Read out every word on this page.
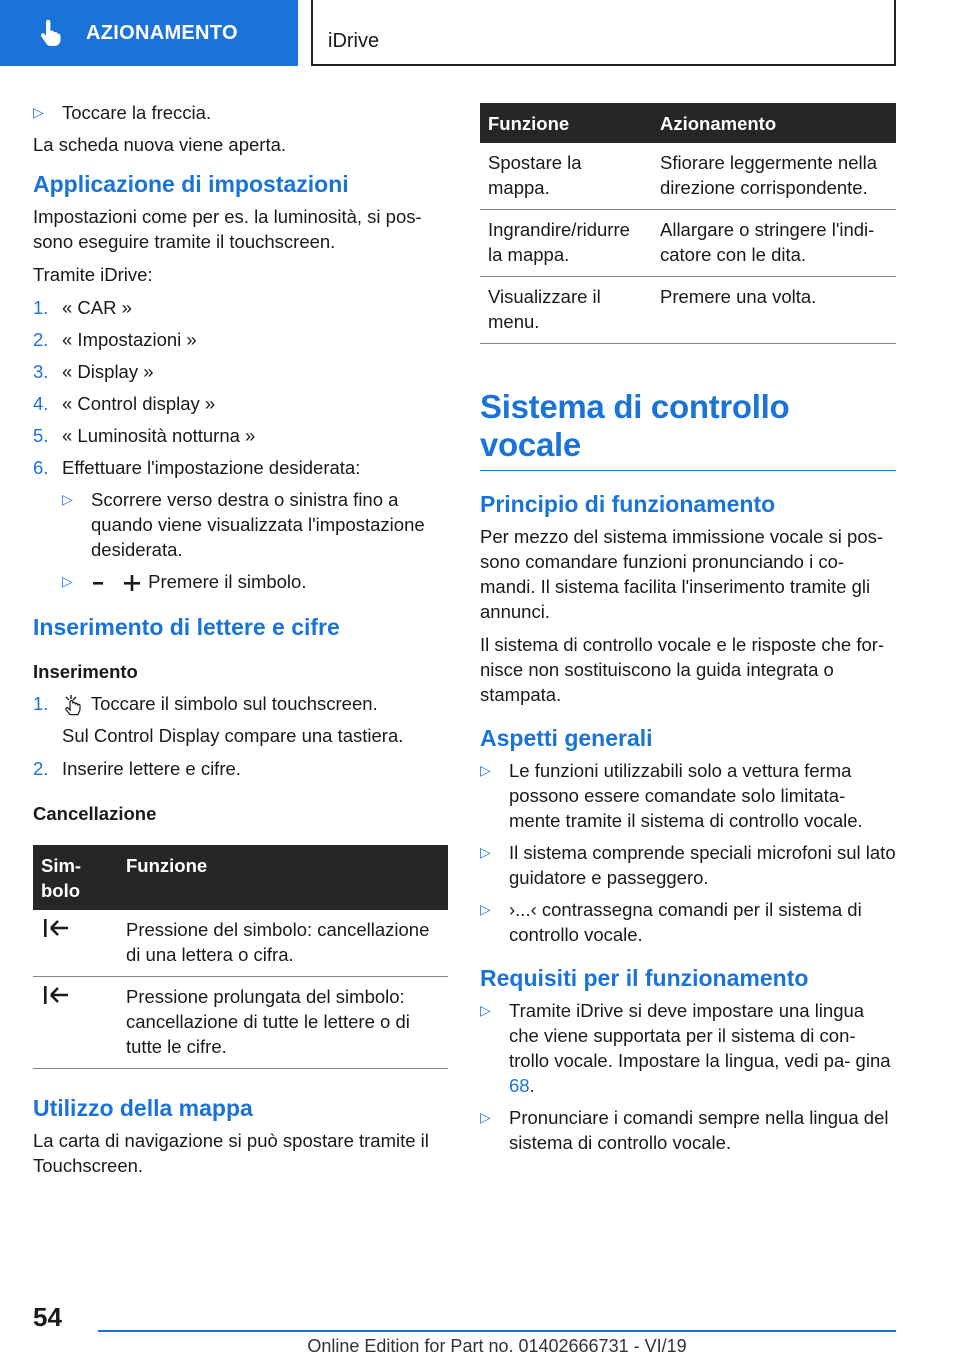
AZIONAMENTO	iDrive
▷ Toccare la freccia.

La scheda nuova viene aperta.

Applicazione di impostazioni

Impostazioni come per es. la luminosità, si pos‐ sono eseguire tramite il touchscreen.

Tramite iDrive:

1. « CAR »
2. « Impostazioni »
3. « Display »
4. « Control display »
5. « Luminosità notturna »
6. Effettuare l'impostazione desiderata:
▷ Scorrere verso destra o sinistra fino a quando viene visualizzata l'impostazione desiderata.
▷	Premere il simbolo.
Inserimento di lettere e cifre
Inserimento
1.	Toccare il simbolo sul touchscreen.

Sul Control Display compare una tastiera.

2. Inserire lettere e cifre.
Cancellazione
Sim‐ bolo	Funzione
	Pressione del simbolo: cancellazione di una lettera o cifra.
	Pressione prolungata del simbolo: cancellazione di tutte le lettere o di tutte le cifre.
Utilizzo della mappa

La carta di navigazione si può spostare tramite il Touchscreen.

Funzione	Azionamento
Spostare la mappa.	Sfiorare leggermente nella direzione corrispondente.
Ingrandire/ridurre la mappa.	Allargare o stringere l'indi‐ catore con le dita.
Visualizzare il menu.	Premere una volta.
Sistema di controllo vocale
Principio di funzionamento

Per mezzo del sistema immissione vocale si pos‐ sono comandare funzioni pronunciando i co‐ mandi. Il sistema facilita l'inserimento tramite gli annunci.

Il sistema di controllo vocale e le risposte che for‐ nisce non sostituiscono la guida integrata o stampata.

Aspetti generali
▷ Le funzioni utilizzabili solo a vettura ferma possono essere comandate solo limitata‐ mente tramite il sistema di controllo vocale.
▷ Il sistema comprende speciali microfoni sul lato guidatore e passeggero.
▷ ›...‹ contrassegna comandi per il sistema di controllo vocale.
Requisiti per il funzionamento
▷ Tramite iDrive si deve impostare una lingua che viene supportata per il sistema di con‐ trollo vocale. Impostare la lingua, vedi pa‐ gina 68.
▷ Pronunciare i comandi sempre nella lingua del sistema di controllo vocale.
54
Online Edition for Part no. 01402666731 - VI/19
